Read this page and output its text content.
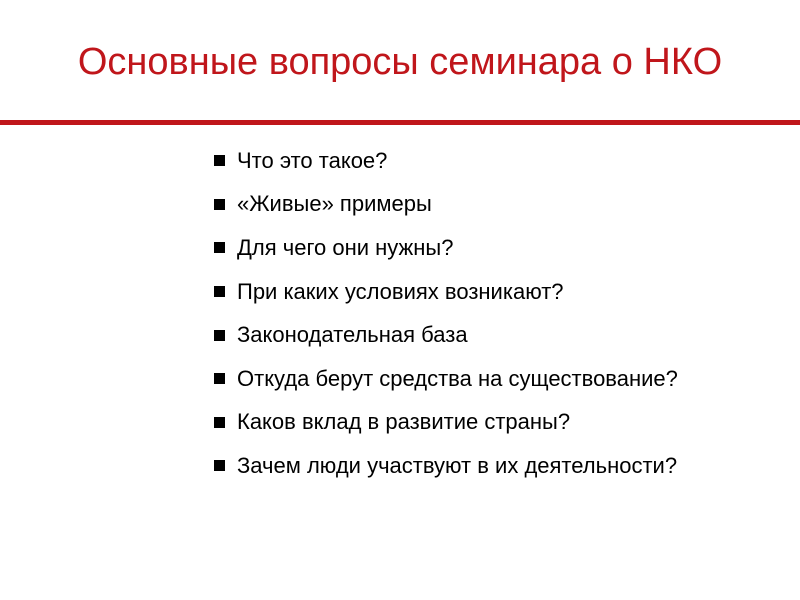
Основные вопросы семинара о НКО
Что это такое?
«Живые» примеры
Для чего они нужны?
При каких условиях возникают?
Законодательная база
Откуда берут средства на существование?
Каков вклад в развитие страны?
Зачем люди участвуют в их деятельности?
